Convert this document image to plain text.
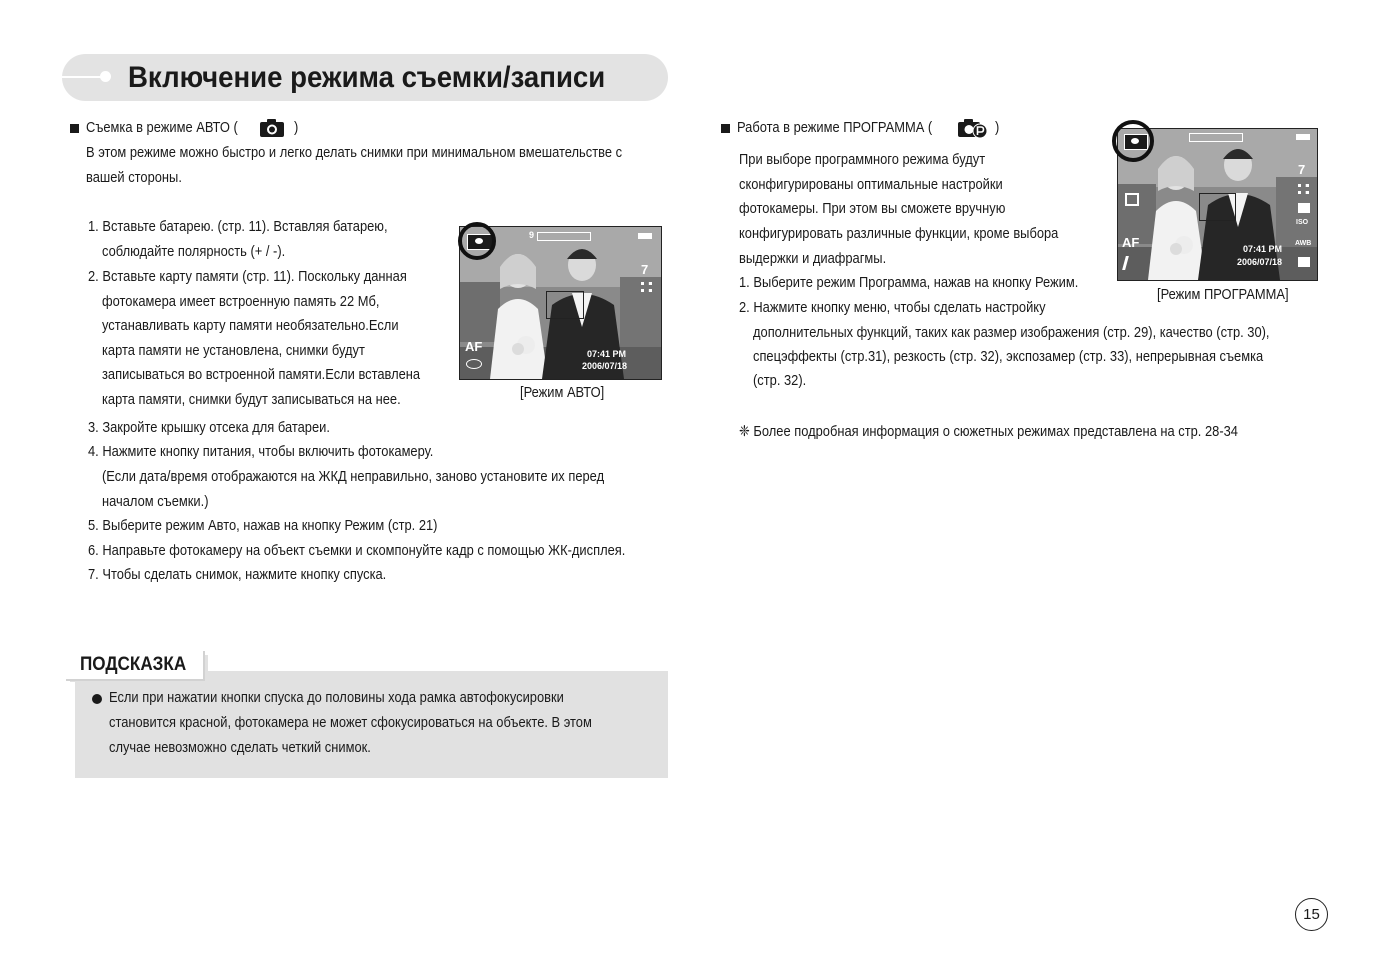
Включение режима съемки/записи
Съемка в режиме АВТО (	)
В этом режиме можно быстро и легко делать снимки при минимальном вмешательстве с
вашей стороны.
1. Вставьте батарею. (стр. 11). Вставляя батарею,
соблюдайте полярность (+ / -).
2. Вставьте карту памяти (стр. 11). Поскольку данная
фотокамера имеет встроенную память 22 Мб,
устанавливать карту памяти необязательно.Если
карта памяти не установлена, снимки будут
записываться во встроенной памяти.Если вставлена
карта памяти, снимки будут записываться на нее.
3. Закройте крышку отсека для батареи.
4. Нажмите кнопку питания, чтобы включить фотокамеру.
(Если дата/время отображаются на ЖКД неправильно, заново установите их перед
началом съемки.)
5. Выберите режим Авто, нажав на кнопку Режим (стр. 21)
6. Направьте фотокамеру на объект съемки и скомпонуйте кадр с помощью ЖК-дисплея.
7. Чтобы сделать снимок, нажмите кнопку спуска.
9
7
AF	07:41 PM
2006/07/18
[Режим АВТО]
ПОДСКАЗКА
Если при нажатии кнопки спуска до половины хода рамка автофокусировки
становится красной, фотокамера не может сфокусироваться на объекте. В этом
случае невозможно сделать четкий снимок.
Работа в режиме ПРОГРАММА (	)
При выборе программного режима будут
сконфигурированы оптимальные настройки
фотокамеры. При этом вы сможете вручную
конфигурировать различные функции, кроме выбора
выдержки и диафрагмы.
1. Выберите режим Программа, нажав на кнопку Режим.
2. Нажмите кнопку меню, чтобы сделать настройку
дополнительных функций, таких как размер изображения (стр. 29), качество (стр. 30),
спецэффекты (стр.31), резкость (стр. 32), экспозамер (стр. 33), непрерывная съемка
(стр. 32).
❈ Более подробная информация о сюжетных режимах представлена на стр. 28-34
7
ISO
AWB
AF	07:41 PM
2006/07/18
[Режим ПРОГРАММА]
15
